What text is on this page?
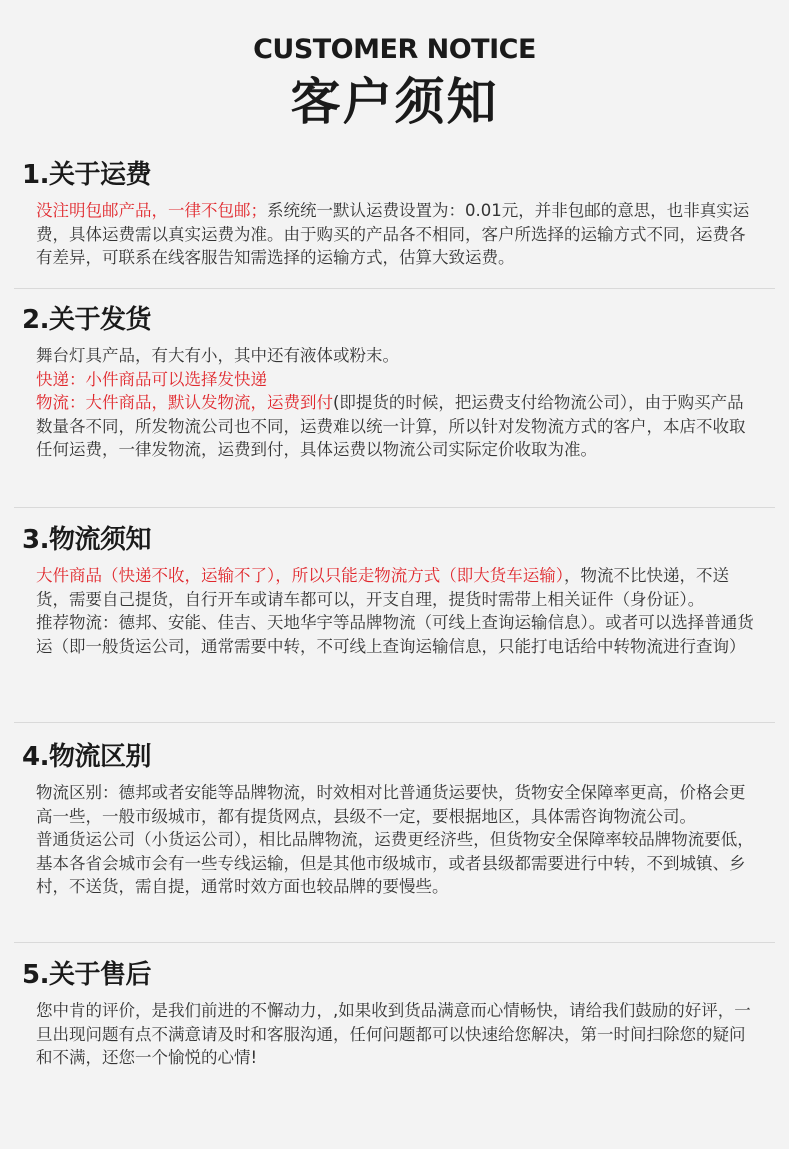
CUSTOMER NOTICE
客户须知
1.关于运费

没注明包邮产品，一律不包邮；系统统一默认运费设置为：0.01元，并非包邮的意思，也非真实运费，具体运费需以真实运费为准。由于购买的产品各不相同，客户所选择的运输方式不同，运费各有差异，可联系在线客服告知需选择的运输方式，估算大致运费。

2.关于发货

舞台灯具产品，有大有小，其中还有液体或粉末。

快递：小件商品可以选择发快递

物流：大件商品，默认发物流，运费到付(即提货的时候，把运费支付给物流公司），由于购买产品数量各不同，所发物流公司也不同，运费难以统一计算，所以针对发物流方式的客户，本店不收取任何运费，一律发物流，运费到付，具体运费以物流公司实际定价收取为准。

3.物流须知

大件商品（快递不收，运输不了），所以只能走物流方式（即大货车运输），物流不比快递，不送货，需要自己提货，自行开车或请车都可以，开支自理，提货时需带上相关证件（身份证）。

推荐物流：德邦、安能、佳吉、天地华宇等品牌物流（可线上查询运输信息）。或者可以选择普通货运（即一般货运公司，通常需要中转，不可线上查询运输信息，只能打电话给中转物流进行查询）

4.物流区别

物流区别：德邦或者安能等品牌物流，时效相对比普通货运要快，货物安全保障率更高，价格会更高一些，一般市级城市，都有提货网点，县级不一定，要根据地区，具体需咨询物流公司。

普通货运公司（小货运公司），相比品牌物流，运费更经济些，但货物安全保障率较品牌物流要低，基本各省会城市会有一些专线运输，但是其他市级城市，或者县级都需要进行中转，不到城镇、乡村，不送货，需自提，通常时效方面也较品牌的要慢些。

5.关于售后

您中肯的评价，是我们前进的不懈动力，,如果收到货品满意而心情畅快，请给我们鼓励的好评，一旦出现问题有点不满意请及时和客服沟通，任何问题都可以快速给您解决，第一时间扫除您的疑问和不满，还您一个愉悦的心情!
